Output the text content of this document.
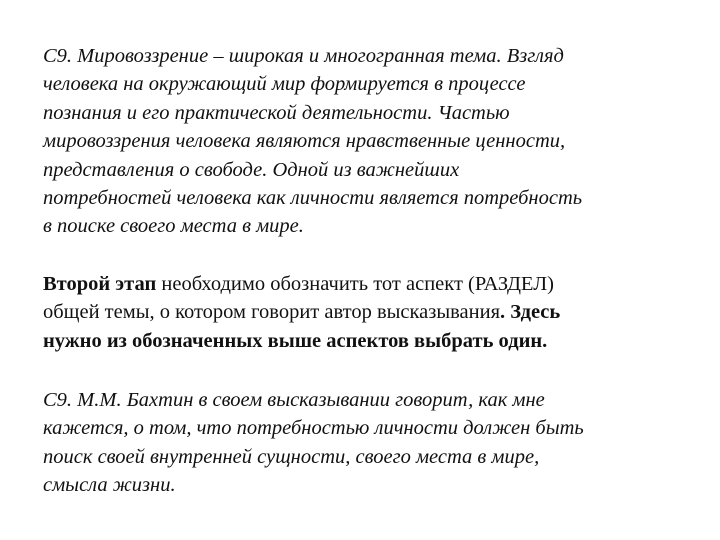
С9. Мировоззрение – широкая и многогранная тема. Взгляд
человека на окружающий мир формируется в процессе
познания и его практической деятельности. Частью
мировоззрения человека являются нравственные ценности,
представления о свободе. Одной из важнейших
потребностей человека как личности является потребность
в поиске своего места в мире.
Второй этап необходимо обозначить тот аспект (РАЗДЕЛ)
общей темы, о котором говорит автор высказывания. Здесь
нужно из обозначенных выше аспектов выбрать один.
С9. М.М. Бахтин в своем высказывании говорит, как мне
кажется, о том, что потребностью личности должен быть
поиск своей внутренней сущности, своего места в мире,
смысла жизни.
